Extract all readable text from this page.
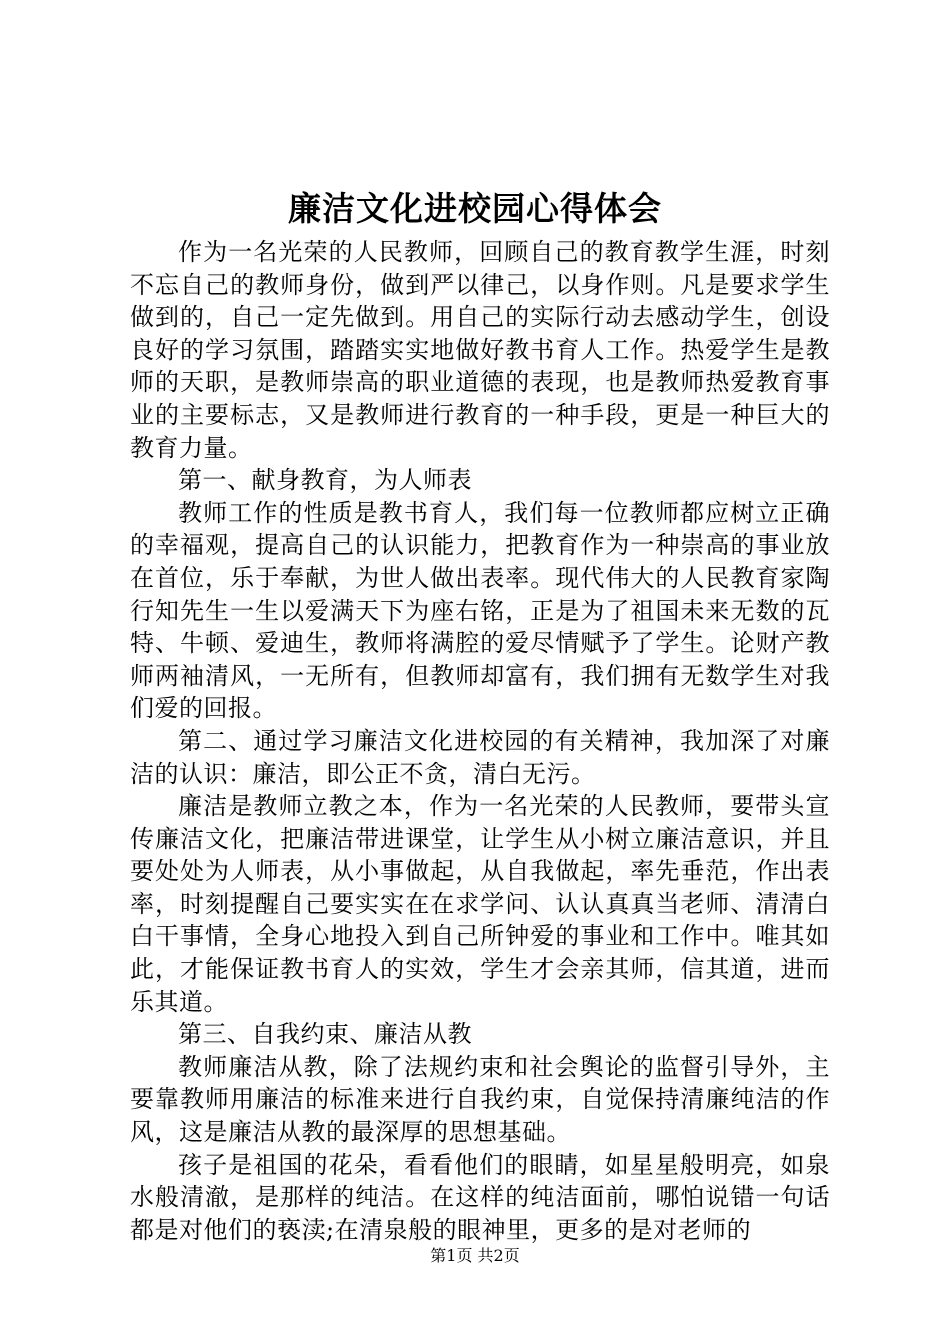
廉洁文化进校园心得体会

作为一名光荣的人民教师，回顾自己的教育教学生涯，时刻不忘自己的教师身份，做到严以律己，以身作则。凡是要求学生做到的，自己一定先做到。用自己的实际行动去感动学生，创设良好的学习氛围，踏踏实实地做好教书育人工作。热爱学生是教师的天职，是教师崇高的职业道德的表现，也是教师热爱教育事业的主要标志，又是教师进行教育的一种手段，更是一种巨大的教育力量。

第一、献身教育，为人师表

教师工作的性质是教书育人，我们每一位教师都应树立正确的幸福观，提高自己的认识能力，把教育作为一种崇高的事业放在首位，乐于奉献，为世人做出表率。现代伟大的人民教育家陶行知先生一生以爱满天下为座右铭，正是为了祖国未来无数的瓦特、牛顿、爱迪生，教师将满腔的爱尽情赋予了学生。论财产教师两袖清风，一无所有，但教师却富有，我们拥有无数学生对我们爱的回报。

第二、通过学习廉洁文化进校园的有关精神，我加深了对廉洁的认识：廉洁，即公正不贪，清白无污。

廉洁是教师立教之本，作为一名光荣的人民教师，要带头宣传廉洁文化，把廉洁带进课堂，让学生从小树立廉洁意识，并且要处处为人师表，从小事做起，从自我做起，率先垂范，作出表率，时刻提醒自己要实实在在求学问、认认真真当老师、清清白白干事情，全身心地投入到自己所钟爱的事业和工作中。唯其如此，才能保证教书育人的实效，学生才会亲其师，信其道，进而乐其道。

第三、自我约束、廉洁从教

教师廉洁从教，除了法规约束和社会舆论的监督引导外，主要靠教师用廉洁的标准来进行自我约束，自觉保持清廉纯洁的作风，这是廉洁从教的最深厚的思想基础。

孩子是祖国的花朵，看看他们的眼睛，如星星般明亮，如泉水般清澈，是那样的纯洁。在这样的纯洁面前，哪怕说错一句话都是对他们的亵渎;在清泉般的眼神里，更多的是对老师的

第1页 共2页
